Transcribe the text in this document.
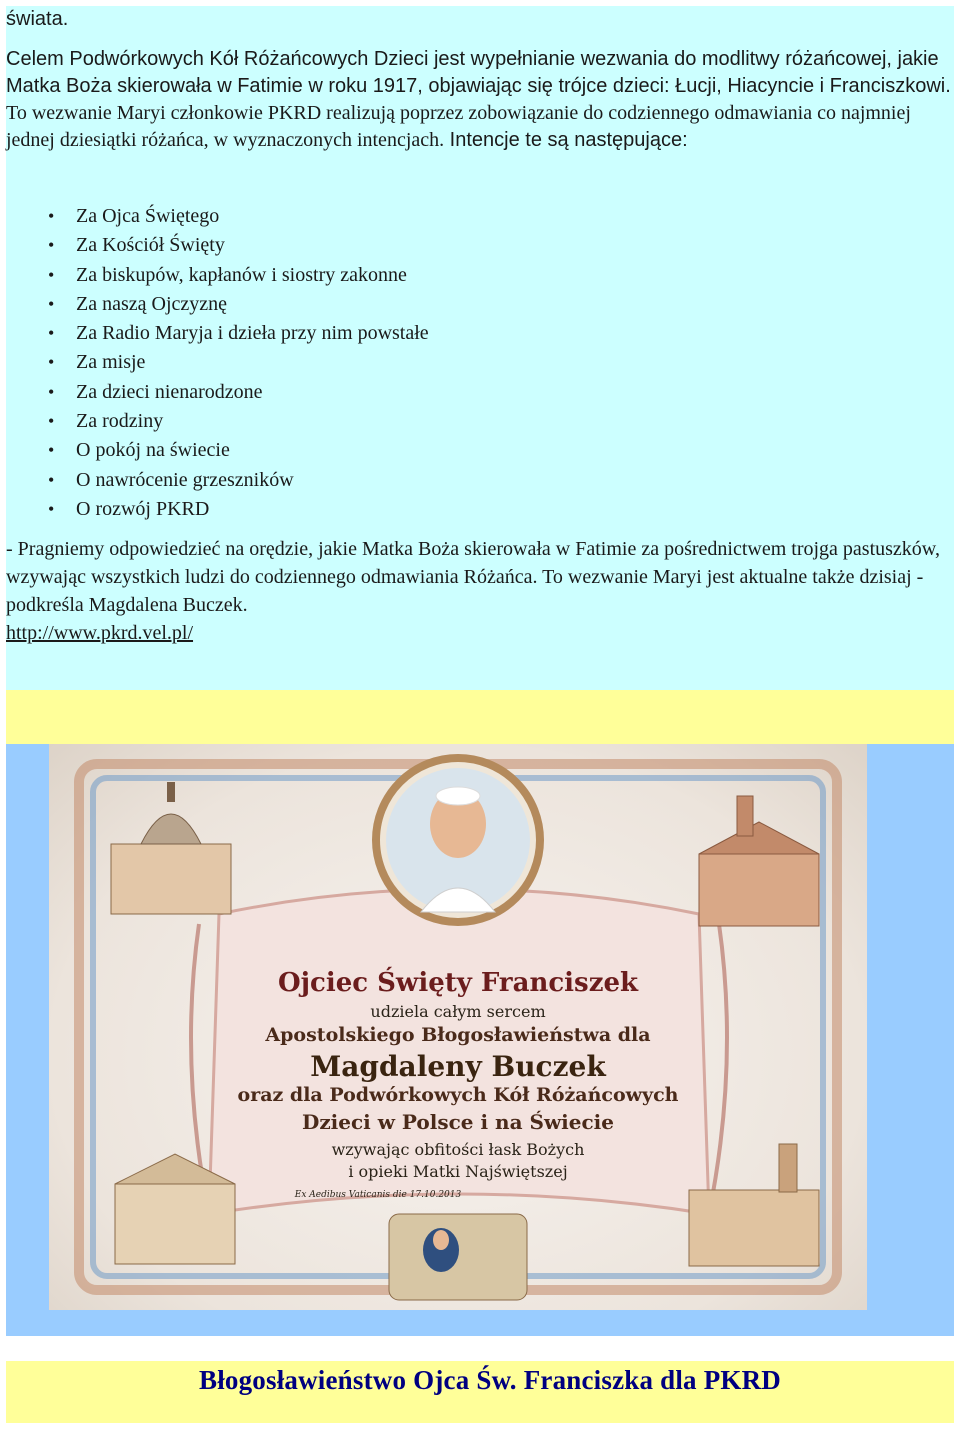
świata.

Celem Podwórkowych Kół Różańcowych Dzieci jest wypełnianie wezwania do modlitwy różańcowej, jakie Matka Boża skierowała w Fatimie w roku 1917, objawiając się trójce dzieci: Łucji, Hiacyncie i Franciszkowi. To wezwanie Maryi członkowie PKRD realizują poprzez zobowiązanie do codziennego odmawiania co najmniej jednej dziesiątki różańca, w wyznaczonych intencjach. Intencje te są następujące:

• Za Ojca Świętego
• Za Kościół Święty
• Za biskupów, kapłanów i siostry zakonne
• Za naszą Ojczyznę
• Za Radio Maryja i dzieła przy nim powstałe
• Za misje
• Za dzieci nienarodzone
• Za rodziny
• O pokój na świecie
• O nawrócenie grzeszników
• O rozwój PKRD

- Pragniemy odpowiedzieć na orędzie, jakie Matka Boża skierowała w Fatimie za pośrednictwem trojga pastuszków, wzywając wszystkich ludzi do codziennego odmawiania Różańca. To wezwanie Maryi jest aktualne także dzisiaj - podkreśla Magdalena Buczek.
http://www.pkrd.vel.pl/

Ojciec Święty Franciszek
udziela całym sercem
Apostolskiego Błogosławieństwa dla
Magdaleny Buczek
oraz dla Podwórkowych Kół Różańcowych
Dzieci w Polsce i na Świecie
wzywając obfitości łask Bożych
i opieki Matki Najświętszej
Ex Aedibus Vaticanis die 17.10.2013
Błogosławieństwo Ojca Św. Franciszka dla PKRD
